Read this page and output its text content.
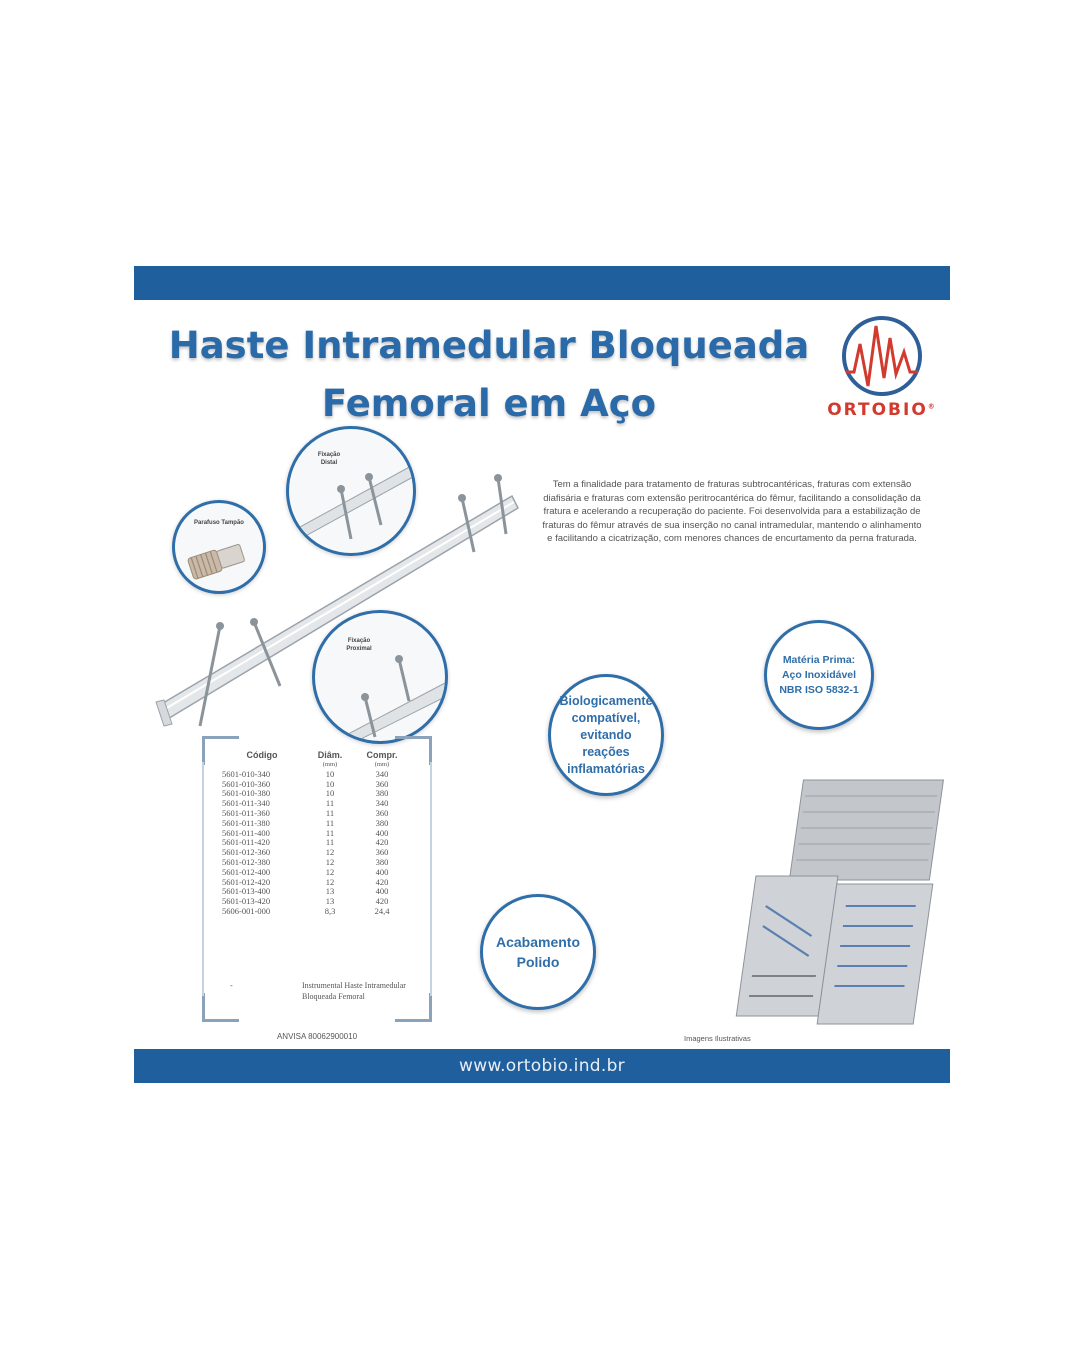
Haste Intramedular Bloqueada
Femoral em Aço	ORTOBIO®
Fixação Distal
Fixação Proximal
Parafuso Tampão
Tem a finalidade para tratamento de fraturas subtrocantéricas, fraturas com extensão diafisária e fraturas com extensão peritrocantérica do fêmur, facilitando a consolidação da fratura e acelerando a recuperação do paciente. Foi desenvolvida para a estabilização de fraturas do fêmur através de sua inserção no canal intramedular, mantendo o alinhamento e facilitando a cicatrização, com menores chances de encurtamento da perna fraturada.
Matéria Prima: Aço Inoxidável NBR ISO 5832-1
Biologicamente compatível, evitando reações inflamatórias
Acabamento Polido
Código	Diâm.	Compr.
	(mm)	(mm)
5601-010-340	10	340
5601-010-360	10	360
5601-010-380	10	380
5601-011-340	11	340
5601-011-360	11	360
5601-011-380	11	380
5601-011-400	11	400
5601-011-420	11	420
5601-012-360	12	360
5601-012-380	12	380
5601-012-400	12	400
5601-012-420	12	420
5601-013-400	13	400
5601-013-420	13	420
5606-001-000	8,3	24,4
-	Instrumental Haste Intramedular Bloqueada Femoral
ANVISA 80062900010	Imagens Ilustrativas
www.ortobio.ind.br
